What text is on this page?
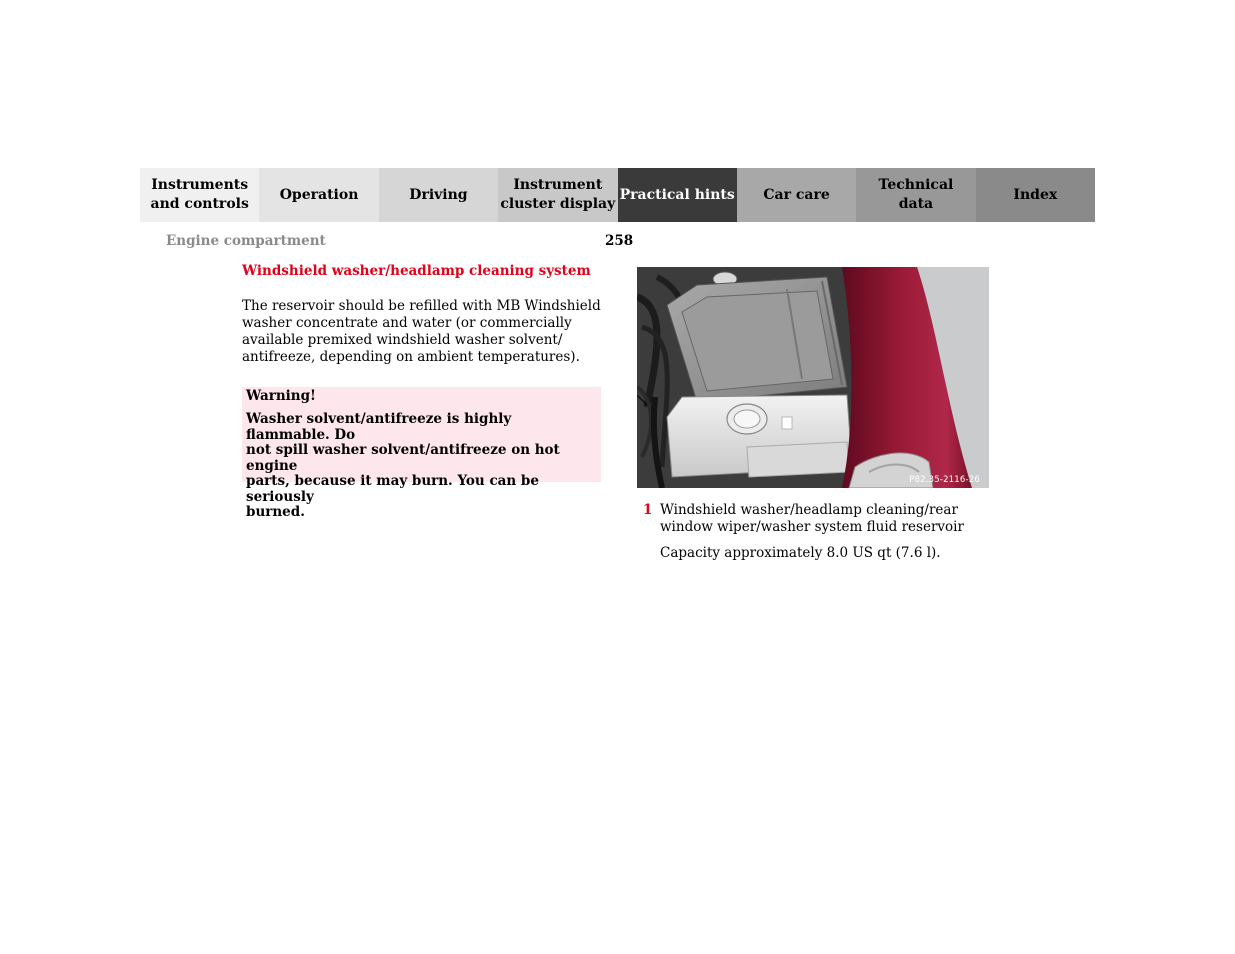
Instruments
and controls
Operation	Driving
Instrument
cluster display
Practical hints Car care
Technical
data
Index
Engine compartment	258
Windshield washer/headlamp cleaning system
The reservoir should be refilled with MB Windshield
washer concentrate and water (or commercially
available premixed windshield washer solvent/
antifreeze, depending on ambient temperatures).
Warning!
Washer solvent/antifreeze is highly flammable. Do
not spill washer solvent/antifreeze on hot engine
parts, because it may burn. You can be seriously
burned.
P82.35-2116-26
1 Windshield washer/headlamp cleaning/rear
window wiper/washer system fluid reservoir
Capacity approximately 8.0 US qt (7.6 l).
